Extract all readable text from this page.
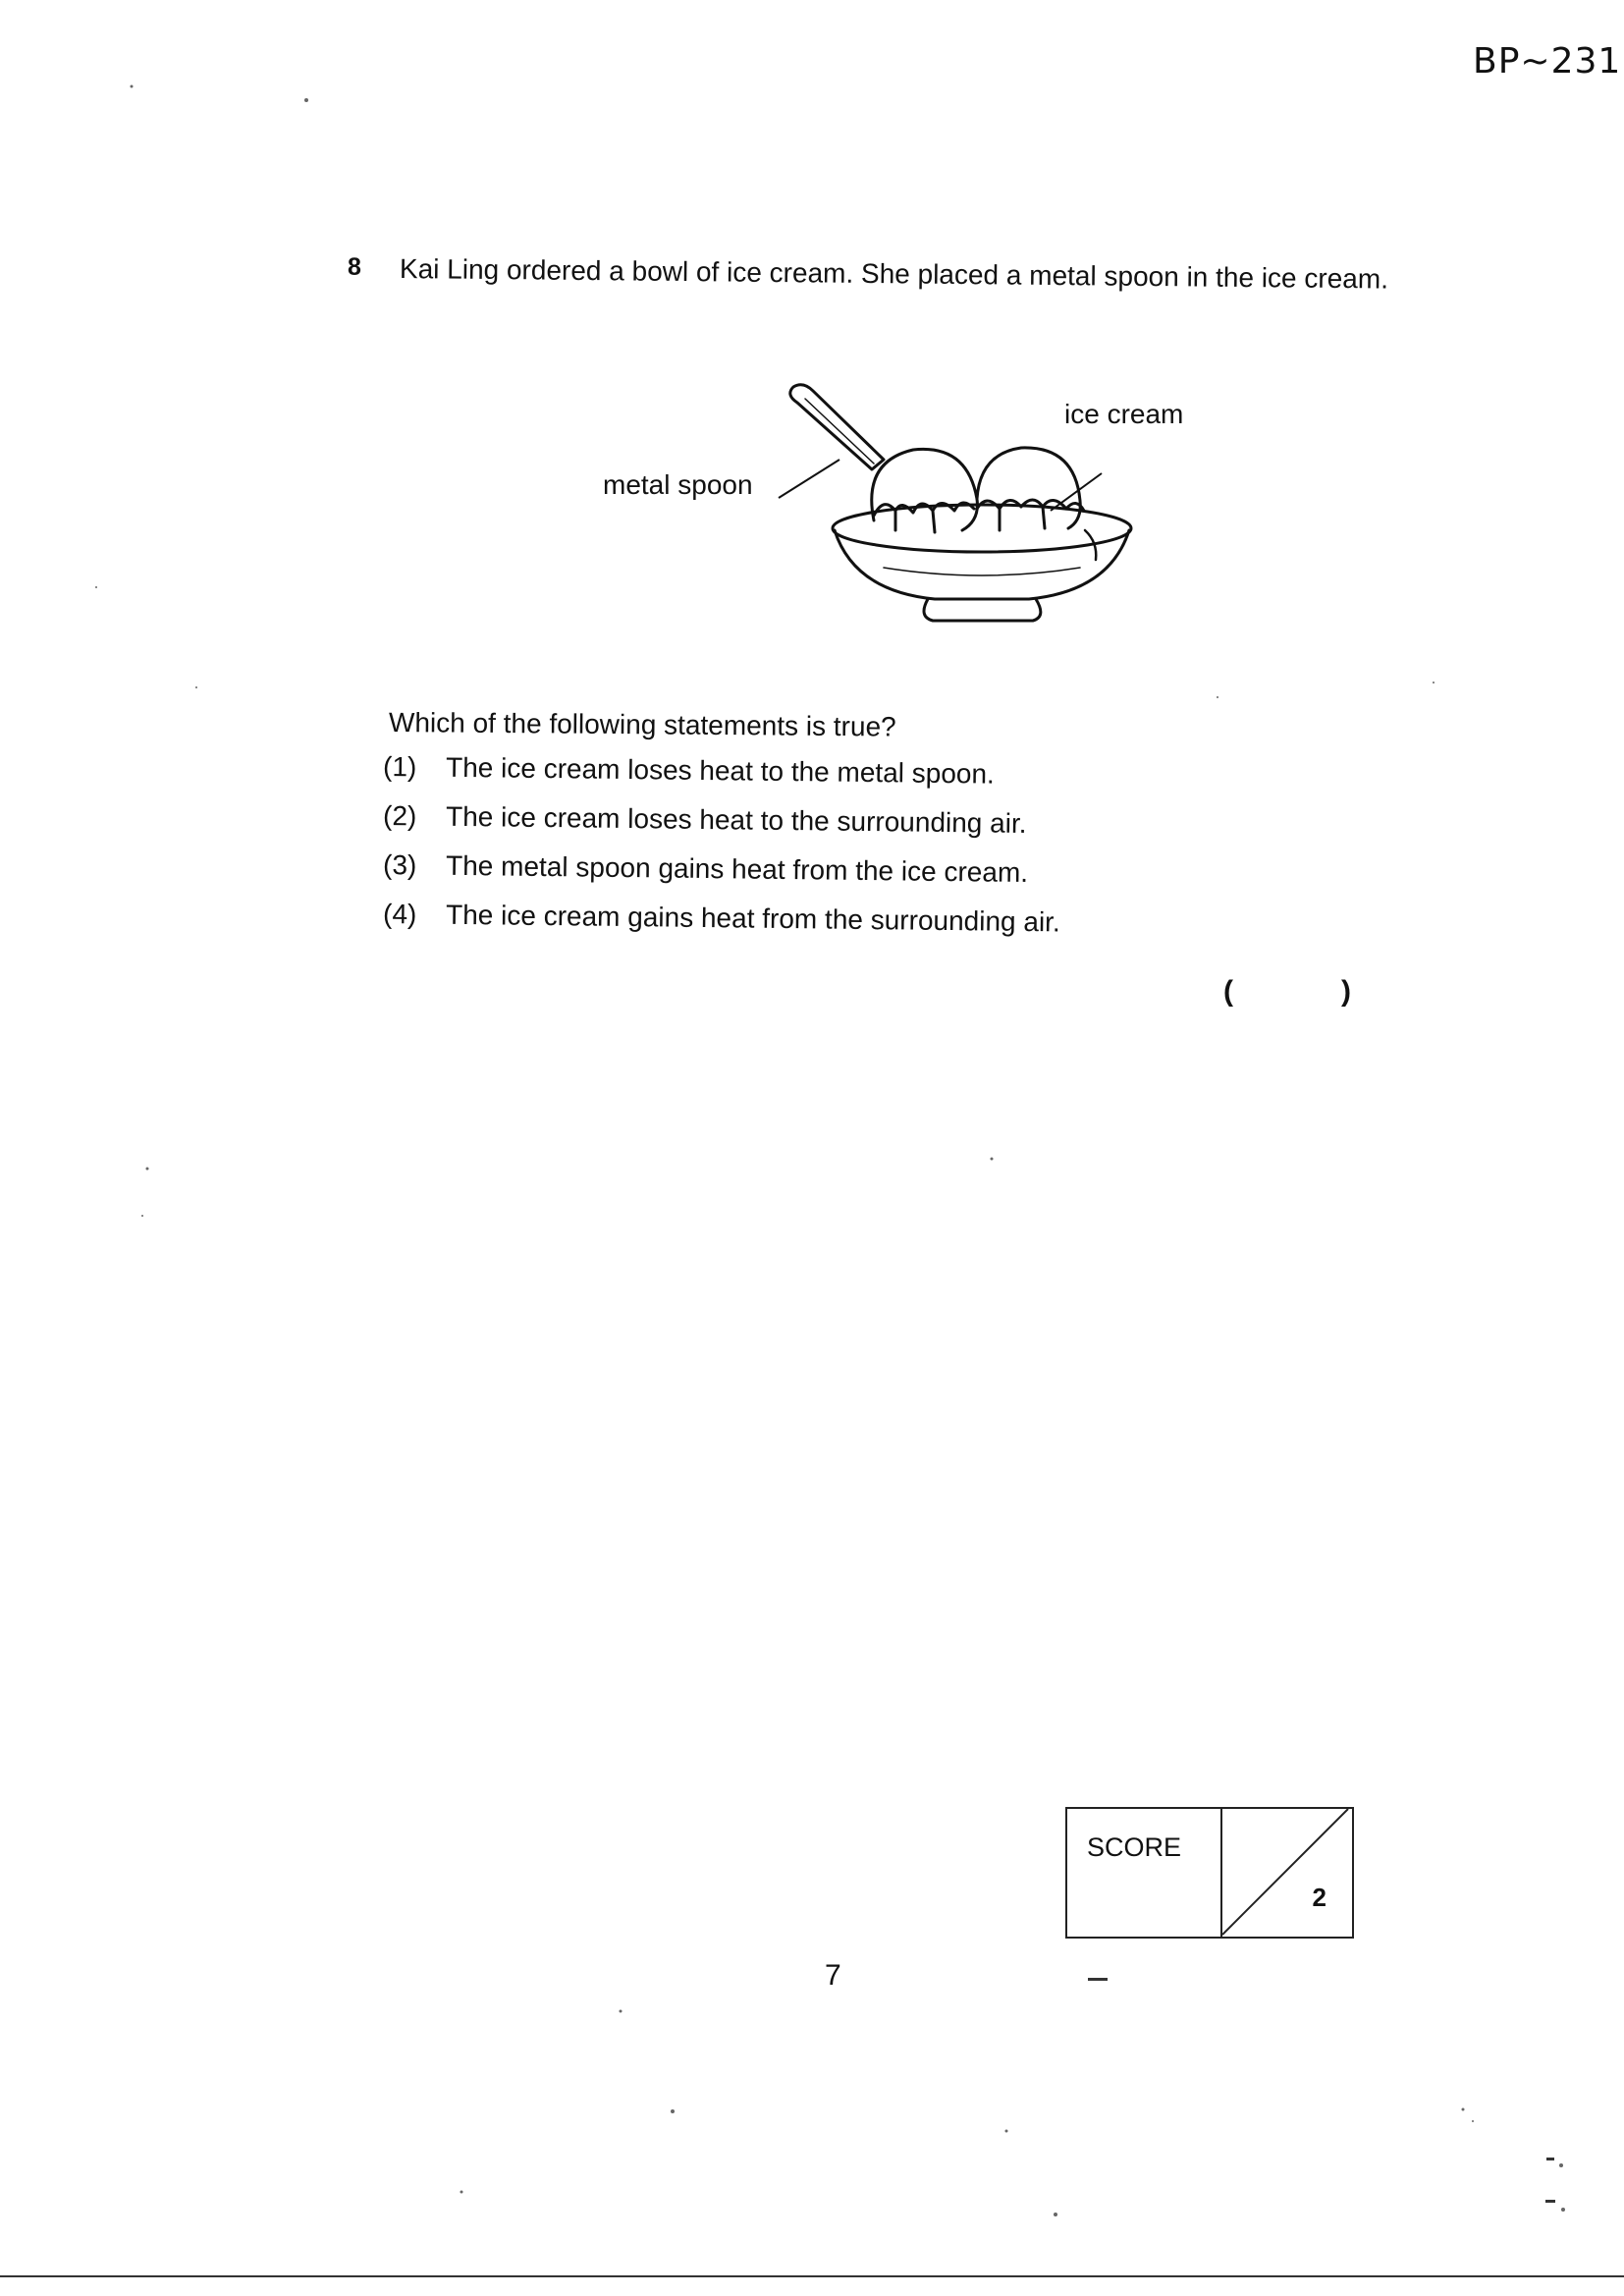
BP~231
8 Kai Ling ordered a bowl of ice cream. She placed a metal spoon in the ice cream.
metal spoon
ice cream
Which of the following statements is true?
(1) The ice cream loses heat to the metal spoon.
(2) The ice cream loses heat to the surrounding air.
(3) The metal spoon gains heat from the ice cream.
(4) The ice cream gains heat from the surrounding air.
(	)
SCORE
2
7
